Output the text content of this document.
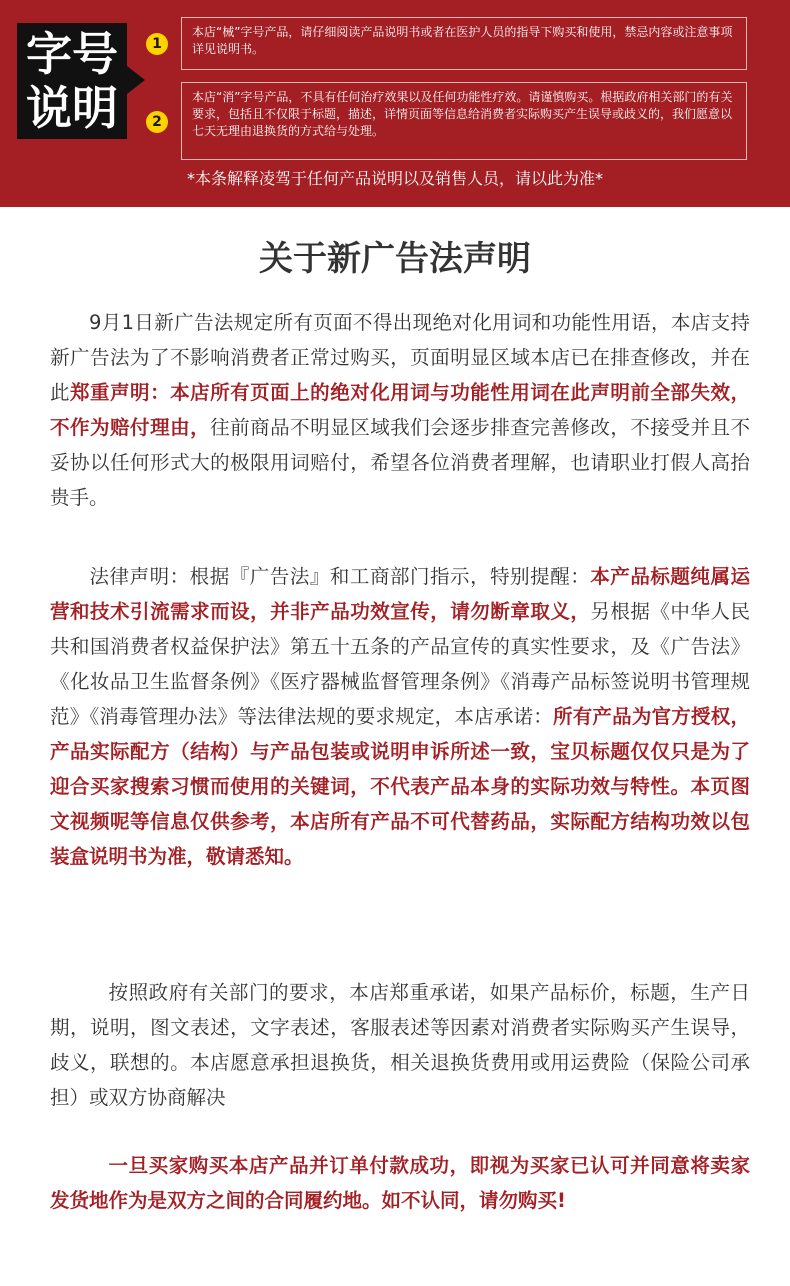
字号
说明
1
2
本店“械”字号产品，请仔细阅读产品说明书或者在医护人员的指导下购买和使用，禁忌内容或注意事项详见说明书。
本店“消”字号产品，不具有任何治疗效果以及任何功能性疗效。请谨慎购买。根据政府相关部门的有关要求，包括且不仅限于标题，描述，详情页面等信息给消费者实际购买产生误导或歧义的，我们愿意以七天无理由退换货的方式给与处理。
*本条解释凌驾于任何产品说明以及销售人员，请以此为准*
关于新广告法声明
9月1日新广告法规定所有页面不得出现绝对化用词和功能性用语，本店支持新广告法为了不影响消费者正常过购买，页面明显区域本店已在排查修改，并在此郑重声明：本店所有页面上的绝对化用词与功能性用词在此声明前全部失效，不作为赔付理由，往前商品不明显区域我们会逐步排查完善修改，不接受并且不妥协以任何形式大的极限用词赔付，希望各位消费者理解，也请职业打假人高抬贵手。
法律声明：根据『广告法』和工商部门指示，特别提醒：本产品标题纯属运营和技术引流需求而设，并非产品功效宣传，请勿断章取义，另根据《中华人民共和国消费者权益保护法》第五十五条的产品宣传的真实性要求，及《广告法》《化妆品卫生监督条例》《医疗器械监督管理条例》《消毒产品标签说明书管理规范》《消毒管理办法》等法律法规的要求规定，本店承诺：所有产品为官方授权，产品实际配方（结构）与产品包装或说明申诉所述一致，宝贝标题仅仅只是为了迎合买家搜索习惯而使用的关键词，不代表产品本身的实际功效与特性。本页图文视频呢等信息仅供参考，本店所有产品不可代替药品，实际配方结构功效以包装盒说明书为准，敬请悉知。
按照政府有关部门的要求，本店郑重承诺，如果产品标价，标题，生产日期，说明，图文表述，文字表述，客服表述等因素对消费者实际购买产生误导，歧义，联想的。本店愿意承担退换货，相关退换货费用或用运费险（保险公司承担）或双方协商解决
一旦买家购买本店产品并订单付款成功，即视为买家已认可并同意将卖家发货地作为是双方之间的合同履约地。如不认同，请勿购买!
